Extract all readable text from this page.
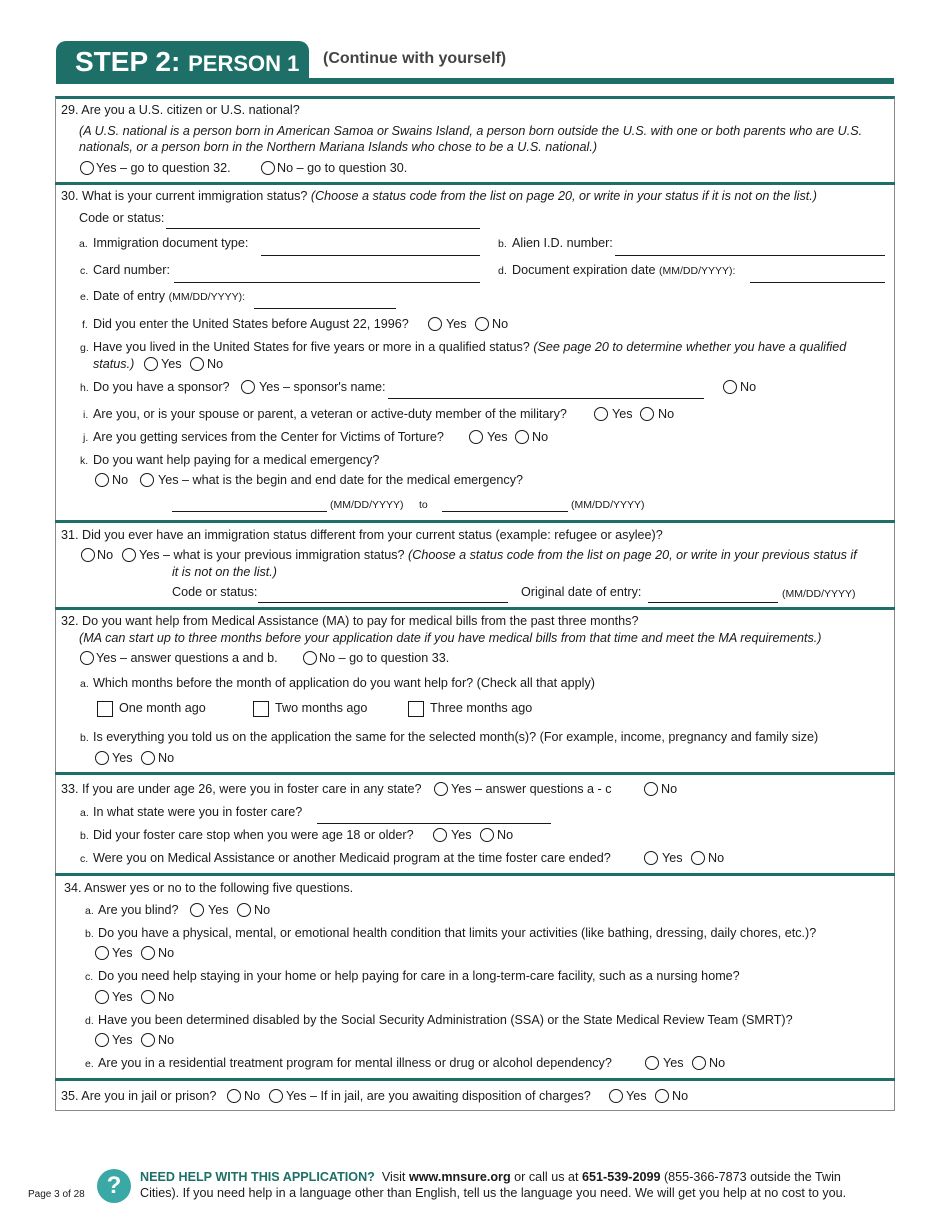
STEP 2: PERSON 1 (Continue with yourself)
29. Are you a U.S. citizen or U.S. national?
(A U.S. national is a person born in American Samoa or Swains Island, a person born outside the U.S. with one or both parents who are U.S.
nationals, or a person born in the Northern Mariana Islands who chose to be a U.S. national.)
Yes – go to question 32.	No – go to question 30.
30. What is your current immigration status? (Choose a status code from the list on page 20, or write in your status if it is not on the list.)
Code or status:
a. Immigration document type:	b. Alien I.D. number:
c. Card number:	d. Document expiration date (MM/DD/YYYY):
e. Date of entry (MM/DD/YYYY):
f. Did you enter the United States before August 22, 1996?	Yes No
g. Have you lived in the United States for five years or more in a qualified status? (See page 20 to determine whether you have a qualified
status.) Yes No
h. Do you have a sponsor? Yes – sponsor's name:	No
i. Are you, or is your spouse or parent, a veteran or active-duty member of the military?	Yes No
j. Are you getting services from the Center for Victims of Torture?	Yes No
k. Do you want help paying for a medical emergency?
No Yes – what is the begin and end date for the medical emergency?
(MM/DD/YYYY) to	(MM/DD/YYYY)
31. Did you ever have an immigration status different from your current status (example: refugee or asylee)?
No Yes – what is your previous immigration status? (Choose a status code from the list on page 20, or write in your previous status if
it is not on the list.)
Code or status:	Original date of entry:	(MM/DD/YYYY)
32. Do you want help from Medical Assistance (MA) to pay for medical bills from the past three months?
(MA can start up to three months before your application date if you have medical bills from that time and meet the MA requirements.)
Yes – answer questions a and b.	No – go to question 33.
a. Which months before the month of application do you want help for? (Check all that apply)
One month ago	Two months ago	Three months ago
b. Is everything you told us on the application the same for the selected month(s)? (For example, income, pregnancy and family size)
Yes No
33. If you are under age 26, were you in foster care in any state? Yes – answer questions a - c	No
a. In what state were you in foster care?
b. Did your foster care stop when you were age 18 or older?	Yes No
c. Were you on Medical Assistance or another Medicaid program at the time foster care ended?	Yes No
34. Answer yes or no to the following five questions.
a. Are you blind? Yes No
b. Do you have a physical, mental, or emotional health condition that limits your activities (like bathing, dressing, daily chores, etc.)?
Yes No
c. Do you need help staying in your home or help paying for care in a long-term-care facility, such as a nursing home?
Yes No
d. Have you been determined disabled by the Social Security Administration (SSA) or the State Medical Review Team (SMRT)?
Yes No
e. Are you in a residential treatment program for mental illness or drug or alcohol dependency?	Yes No
35. Are you in jail or prison? No Yes – If in jail, are you awaiting disposition of charges?	Yes No
Page 3 of 28 ?	NEED HELP WITH THIS APPLICATION? Visit www.mnsure.org or call us at 651-539-2099 (855-366-7873 outside the Twin
Cities). If you need help in a language other than English, tell us the language you need. We will get you help at no cost to you.
